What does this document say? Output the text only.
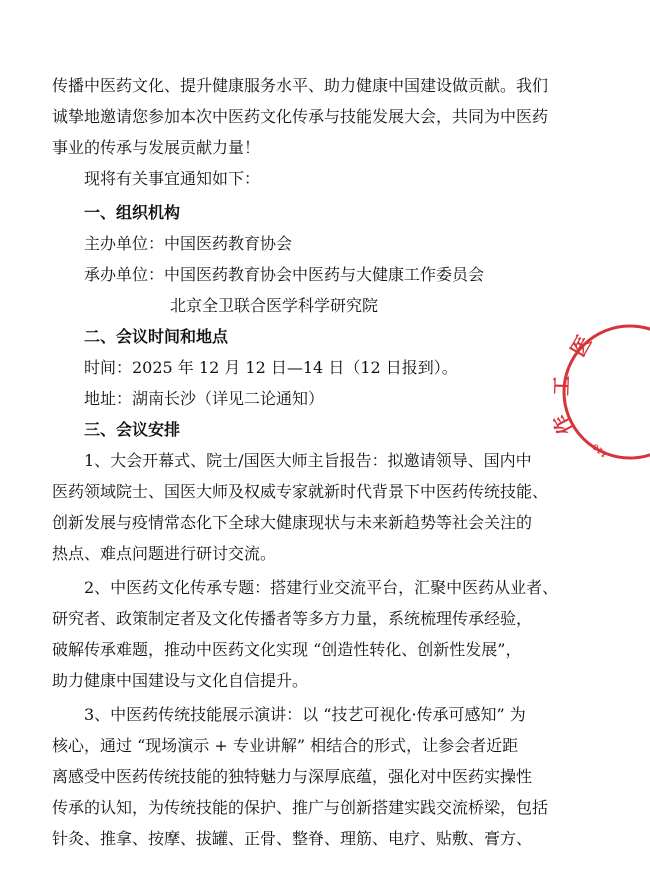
传播中医药文化、提升健康服务水平、助力健康中国建设做贡献。我们
诚挚地邀请您参加本次中医药文化传承与技能发展大会，共同为中医药
事业的传承与发展贡献力量！
现将有关事宜通知如下：
一、组织机构
主办单位：中国医药教育协会
承办单位：中国医药教育协会中医药与大健康工作委员会
北京全卫联合医学科学研究院
二、会议时间和地点
时间：2025 年 12 月 12 日—14 日（12 日报到）。
地址：湖南长沙（详见二论通知）
三、会议安排
1、大会开幕式、院士/国医大师主旨报告：拟邀请领导、国内中
医药领域院士、国医大师及权威专家就新时代背景下中医药传统技能、
创新发展与疫情常态化下全球大健康现状与未来新趋势等社会关注的
热点、难点问题进行研讨交流。
2、中医药文化传承专题：搭建行业交流平台，汇聚中医药从业者、
研究者、政策制定者及文化传播者等多方力量，系统梳理传承经验，
破解传承难题，推动中医药文化实现 “创造性转化、创新性发展”，
助力健康中国建设与文化自信提升。
3、中医药传统技能展示演讲：以 “技艺可视化·传承可感知” 为
核心，通过 “现场演示 + 专业讲解” 相结合的形式，让参会者近距
离感受中医药传统技能的独特魅力与深厚底蕴，强化对中医药实操性
传承的认知，为传统技能的保护、推广与创新搭建实践交流桥梁，包括
针灸、推拿、按摩、拔罐、正骨、整脊、理筋、电疗、贴敷、膏方、
医
工
作
110
